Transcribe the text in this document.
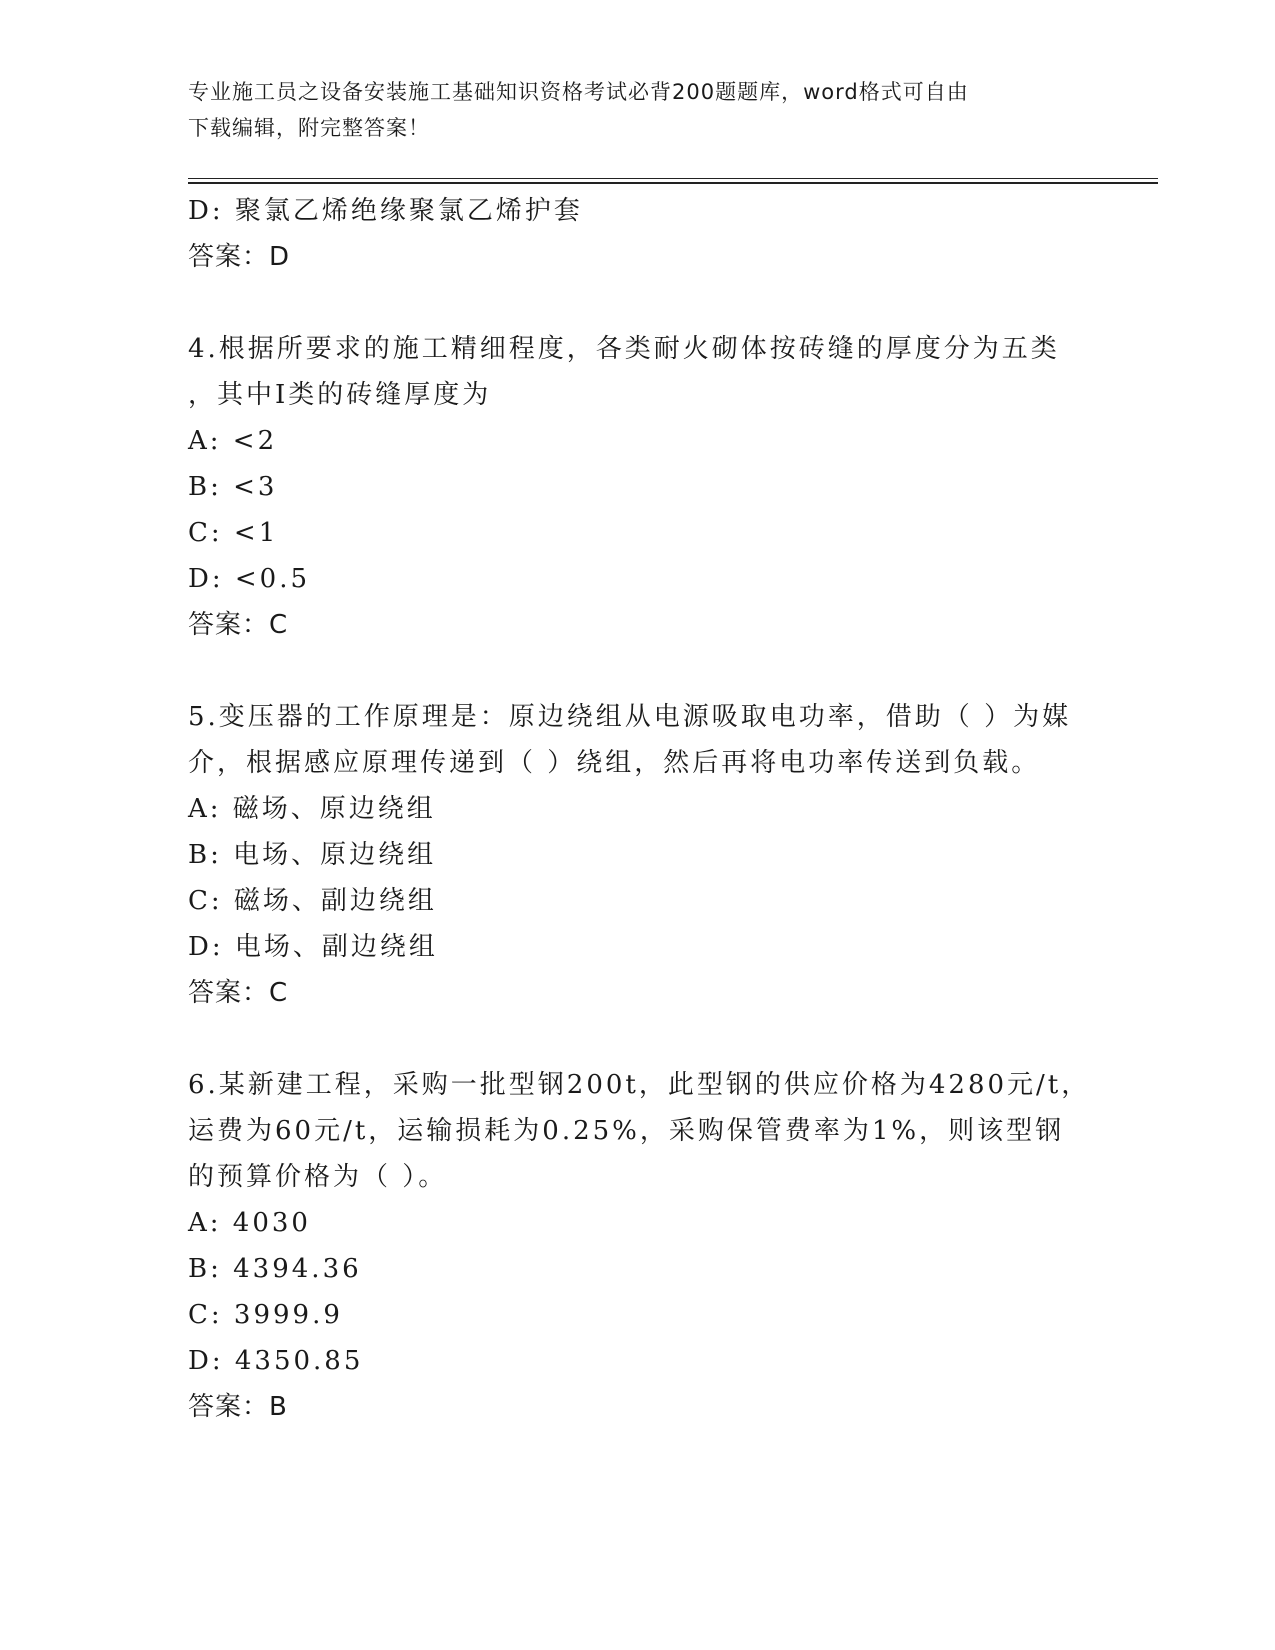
专业施工员之设备安装施工基础知识资格考试必背200题题库，word格式可自由
下载编辑，附完整答案！
D: 聚氯乙烯绝缘聚氯乙烯护套
答案：D
4.根据所要求的施工精细程度，各类耐火砌体按砖缝的厚度分为五类
，其中Ⅰ类的砖缝厚度为
A: <2
B: <3
C: <1
D: <0.5
答案：C
5.变压器的工作原理是：原边绕组从电源吸取电功率，借助（ ）为媒
介，根据感应原理传递到（ ）绕组，然后再将电功率传送到负载。
A: 磁场、原边绕组
B: 电场、原边绕组
C: 磁场、副边绕组
D: 电场、副边绕组
答案：C
6.某新建工程，采购一批型钢200t，此型钢的供应价格为4280元/t，
运费为60元/t，运输损耗为0.25%，采购保管费率为1%，则该型钢
的预算价格为（ ）。
A: 4030
B: 4394.36
C: 3999.9
D: 4350.85
答案：B
